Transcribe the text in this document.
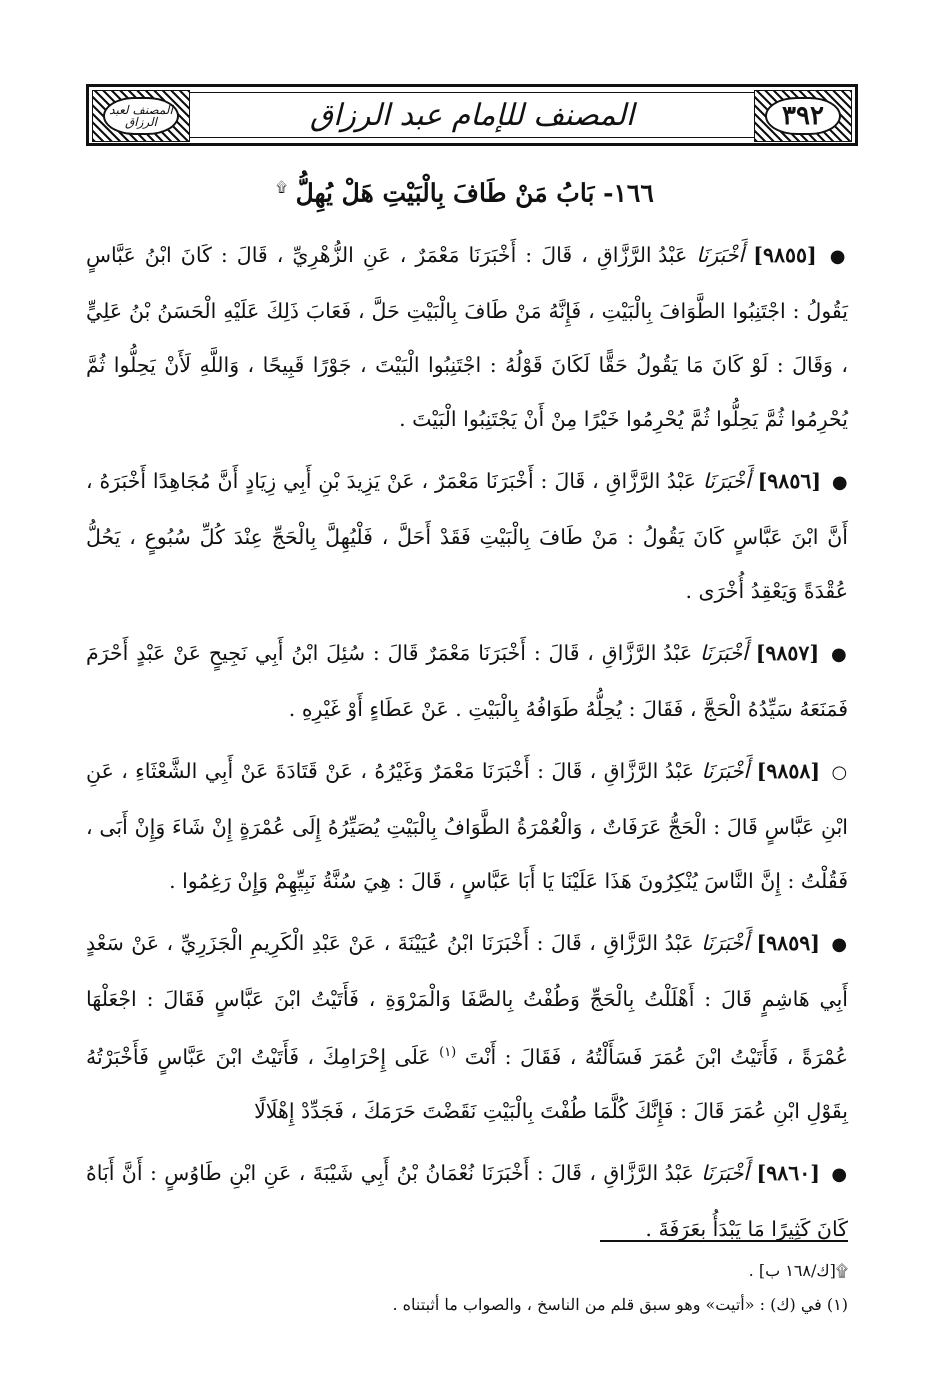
٣٩٢
المصنف للإمام عبد الرزاق
المصنف لعبد الرزاق
١٦٦- بَابُ مَنْ طَافَ بِالْبَيْتِ هَلْ يُهِلُّ ۩

● [٩٨٥٥] أَخْبَرَنَا عَبْدُ الرَّزَّاقِ ، قَالَ : أَخْبَرَنَا مَعْمَرٌ ، عَنِ الزُّهْرِيِّ ، قَالَ : كَانَ ابْنُ عَبَّاسٍ يَقُولُ : اجْتَنِبُوا الطَّوَافَ بِالْبَيْتِ ، فَإِنَّهُ مَنْ طَافَ بِالْبَيْتِ حَلَّ ، فَعَابَ ذَلِكَ عَلَيْهِ الْحَسَنُ بْنُ عَلِيٍّ ، وَقَالَ : لَوْ كَانَ مَا يَقُولُ حَقًّا لَكَانَ قَوْلُهُ : اجْتَنِبُوا الْبَيْتَ ، جَوْرًا قَبِيحًا ، وَاللَّهِ لَأَنْ يَحِلُّوا ثُمَّ يُحْرِمُوا ثُمَّ يَحِلُّوا ثُمَّ يُحْرِمُوا خَيْرًا مِنْ أَنْ يَجْتَنِبُوا الْبَيْتَ .

● [٩٨٥٦] أَخْبَرَنَا عَبْدُ الرَّزَّاقِ ، قَالَ : أَخْبَرَنَا مَعْمَرٌ ، عَنْ يَزِيدَ بْنِ أَبِي زِيَادٍ أَنَّ مُجَاهِدًا أَخْبَرَهُ ، أَنَّ ابْنَ عَبَّاسٍ كَانَ يَقُولُ : مَنْ طَافَ بِالْبَيْتِ فَقَدْ أَحَلَّ ، فَلْيُهِلَّ بِالْحَجِّ عِنْدَ كُلِّ سُبُوعٍ ، يَحُلُّ عُقْدَةً وَيَعْقِدُ أُخْرَى .

● [٩٨٥٧] أَخْبَرَنَا عَبْدُ الرَّزَّاقِ ، قَالَ : أَخْبَرَنَا مَعْمَرٌ قَالَ : سُئِلَ ابْنُ أَبِي نَجِيحٍ عَنْ عَبْدٍ أَحْرَمَ فَمَنَعَهُ سَيِّدُهُ الْحَجَّ ، فَقَالَ : يُحِلُّهُ طَوَافُهُ بِالْبَيْتِ . عَنْ عَطَاءٍ أَوْ غَيْرِهِ .

○ [٩٨٥٨] أَخْبَرَنَا عَبْدُ الرَّزَّاقِ ، قَالَ : أَخْبَرَنَا مَعْمَرٌ وَغَيْرُهُ ، عَنْ قَتَادَةَ عَنْ أَبِي الشَّعْثَاءِ ، عَنِ ابْنِ عَبَّاسٍ قَالَ : الْحَجُّ عَرَفَاتٌ ، وَالْعُمْرَةُ الطَّوَافُ بِالْبَيْتِ يُصَيِّرُهُ إِلَى عُمْرَةٍ إِنْ شَاءَ وَإِنْ أَبَى ، فَقُلْتُ : إِنَّ النَّاسَ يُنْكِرُونَ هَذَا عَلَيْنَا يَا أَبَا عَبَّاسٍ ، قَالَ : هِيَ سُنَّةُ نَبِيِّهِمْ وَإِنْ رَغِمُوا .

● [٩٨٥٩] أَخْبَرَنَا عَبْدُ الرَّزَّاقِ ، قَالَ : أَخْبَرَنَا ابْنُ عُيَيْنَةَ ، عَنْ عَبْدِ الْكَرِيمِ الْجَزَرِيِّ ، عَنْ سَعْدٍ أَبِي هَاشِمٍ قَالَ : أَهْلَلْتُ بِالْحَجِّ وَطُفْتُ بِالصَّفَا وَالْمَرْوَةِ ، فَأَتَيْتُ ابْنَ عَبَّاسٍ فَقَالَ : اجْعَلْهَا عُمْرَةً ، فَأَتَيْتُ ابْنَ عُمَرَ فَسَأَلْتُهُ ، فَقَالَ : أَنْتَ $^{(١)}$ عَلَى إِحْرَامِكَ ، فَأَتَيْتُ ابْنَ عَبَّاسٍ فَأَخْبَرْتُهُ بِقَوْلِ ابْنِ عُمَرَ قَالَ : فَإِنَّكَ كُلَّمَا طُفْتَ بِالْبَيْتِ نَقَضْتَ حَرَمَكَ ، فَجَدِّدْ إِهْلَالًا

● [٩٨٦٠] أَخْبَرَنَا عَبْدُ الرَّزَّاقِ ، قَالَ : أَخْبَرَنَا نُعْمَانُ بْنُ أَبِي شَيْبَةَ ، عَنِ ابْنِ طَاوُسٍ : أَنَّ أَبَاهُ كَانَ كَثِيرًا مَا يَبْدَأُ بِعَرَفَةَ .

۩[ك/١٦٨ ب] .
(١) في (ك) : «أتيت» وهو سبق قلم من الناسخ ، والصواب ما أثبتناه .
